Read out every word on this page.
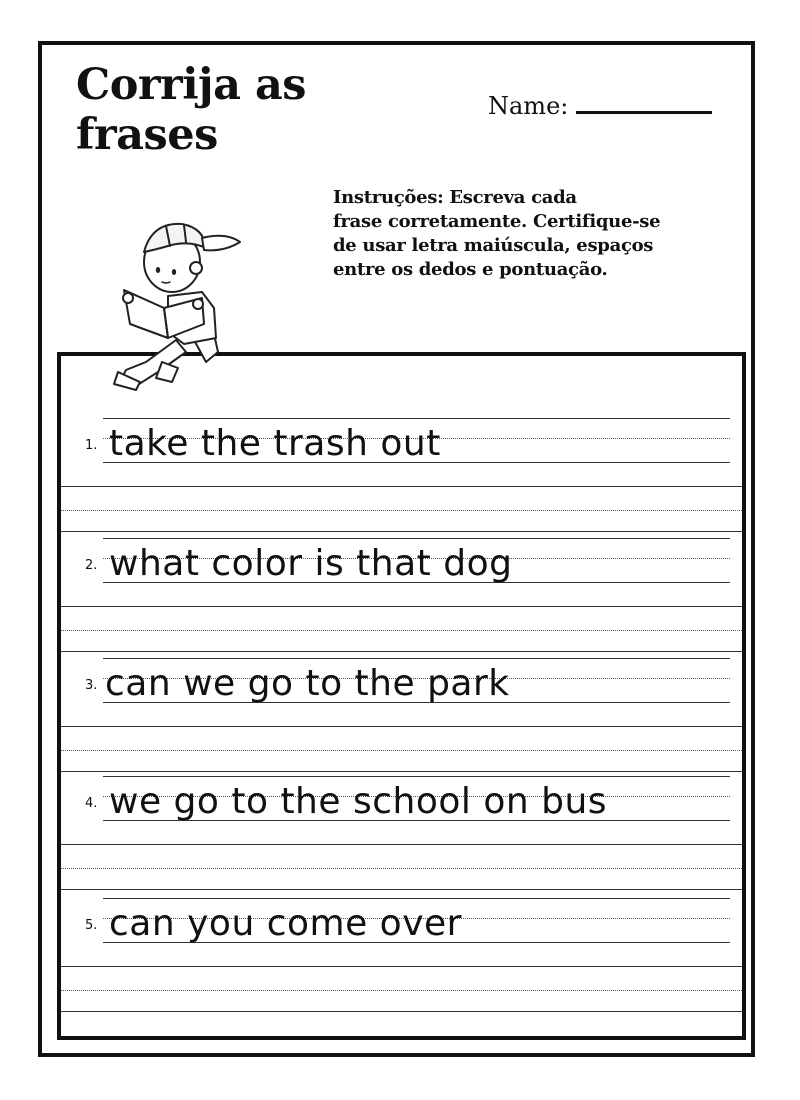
Corrija as frases
Name:
Instruções: Escreva cada
frase corretamente. Certifique-se
de usar letra maiúscula, espaços
entre os dedos e pontuação.
1. take the trash out
2. what color is that dog
3. can we go to the park
4. we go to the school on bus
5. can you come over
